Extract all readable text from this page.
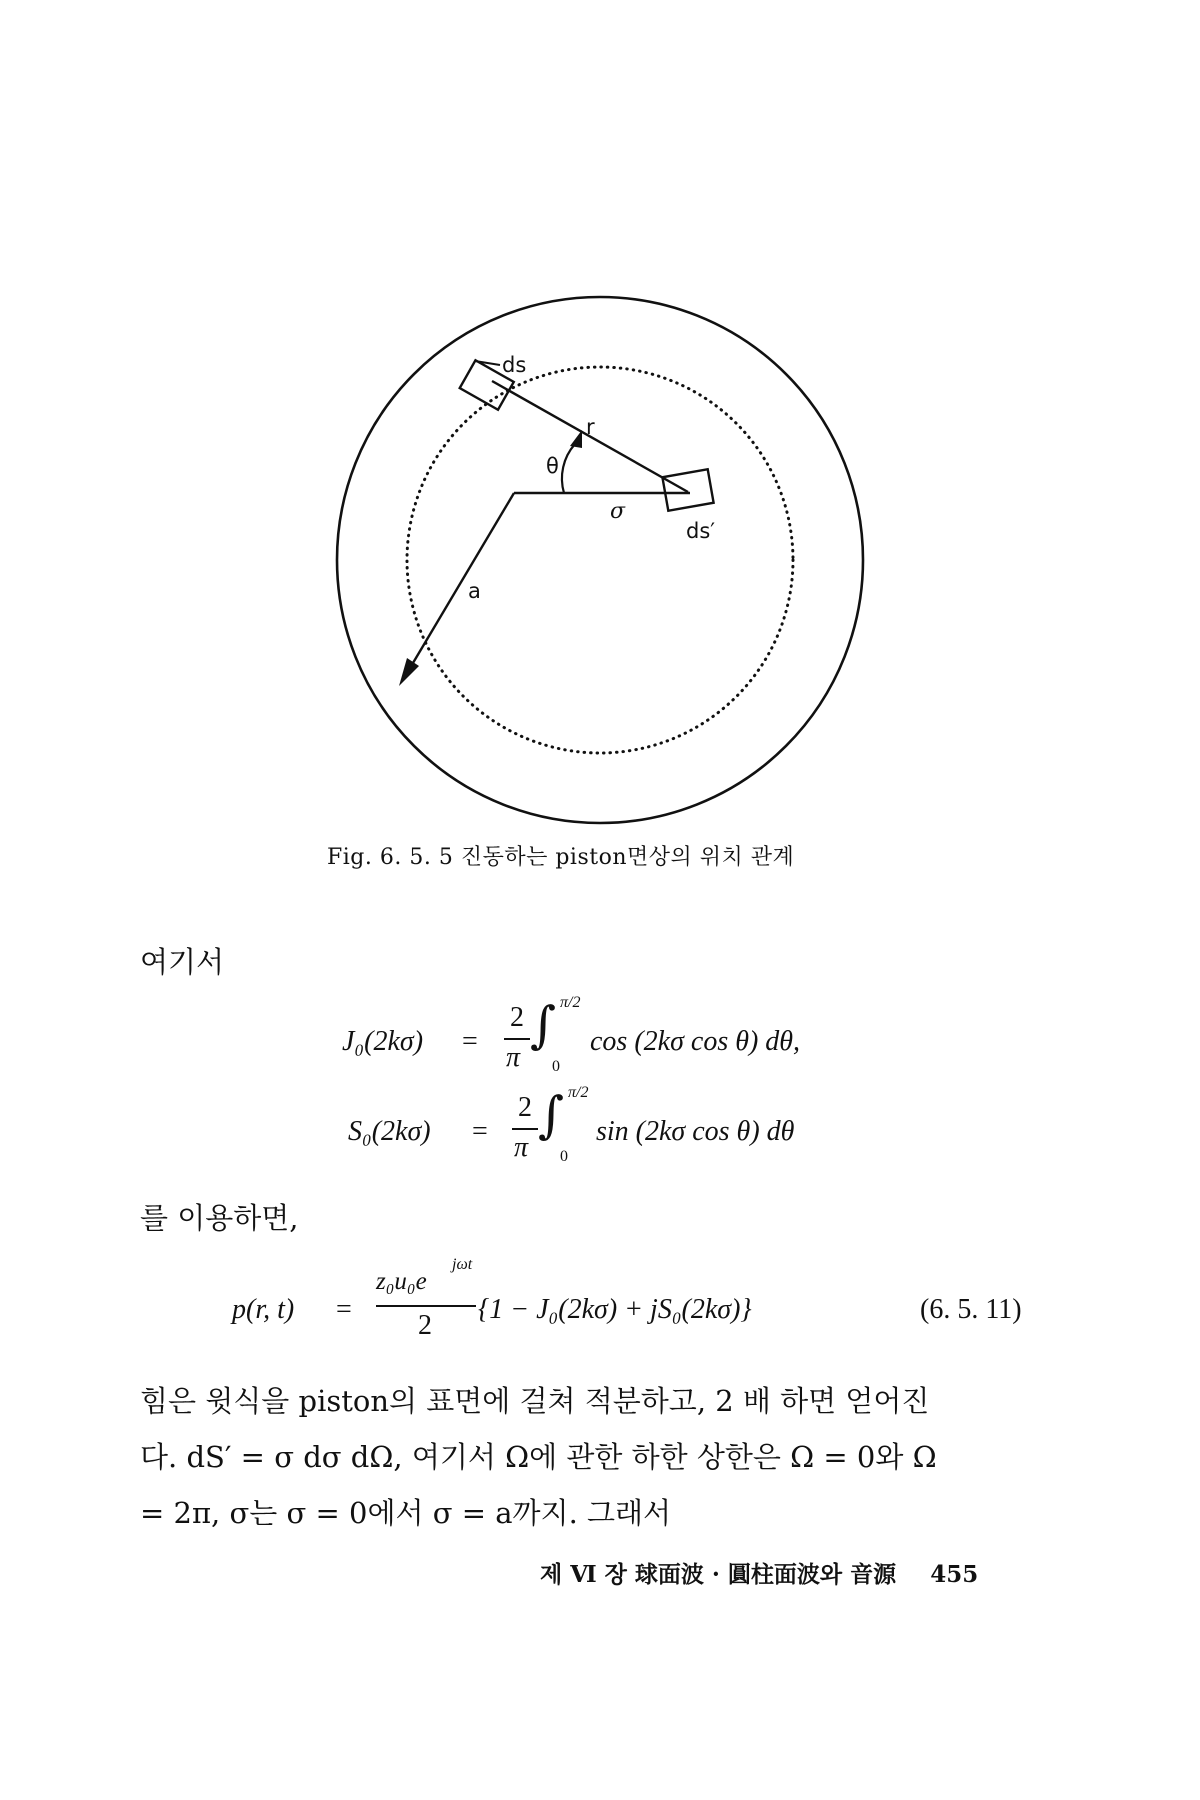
ds
r
θ
σ
ds′
a
Fig. 6. 5. 5 진동하는 piston면상의 위치 관계
여기서
J₀(2kσ) =
2
π
∫ π/2
0
cos (2kσ cos θ) dθ,
S₀(2kσ) =
2
π
∫ π/2
0
sin (2kσ cos θ) dθ
를 이용하면,
p(r, t) =
z₀u₀e
jωt
2
{1 − J₀(2kσ) + jS₀(2kσ)}	(6. 5. 11)
힘은 윗식을 piston의 표면에 걸쳐 적분하고, 2 배 하면 얻어진
다. dS′ = σ dσ dΩ, 여기서 Ω에 관한 하한 상한은 Ω = 0와 Ω
= 2π, σ는 σ = 0에서 σ = a까지. 그래서
제 Ⅵ 장 球面波 · 圓柱面波와 音源 455
